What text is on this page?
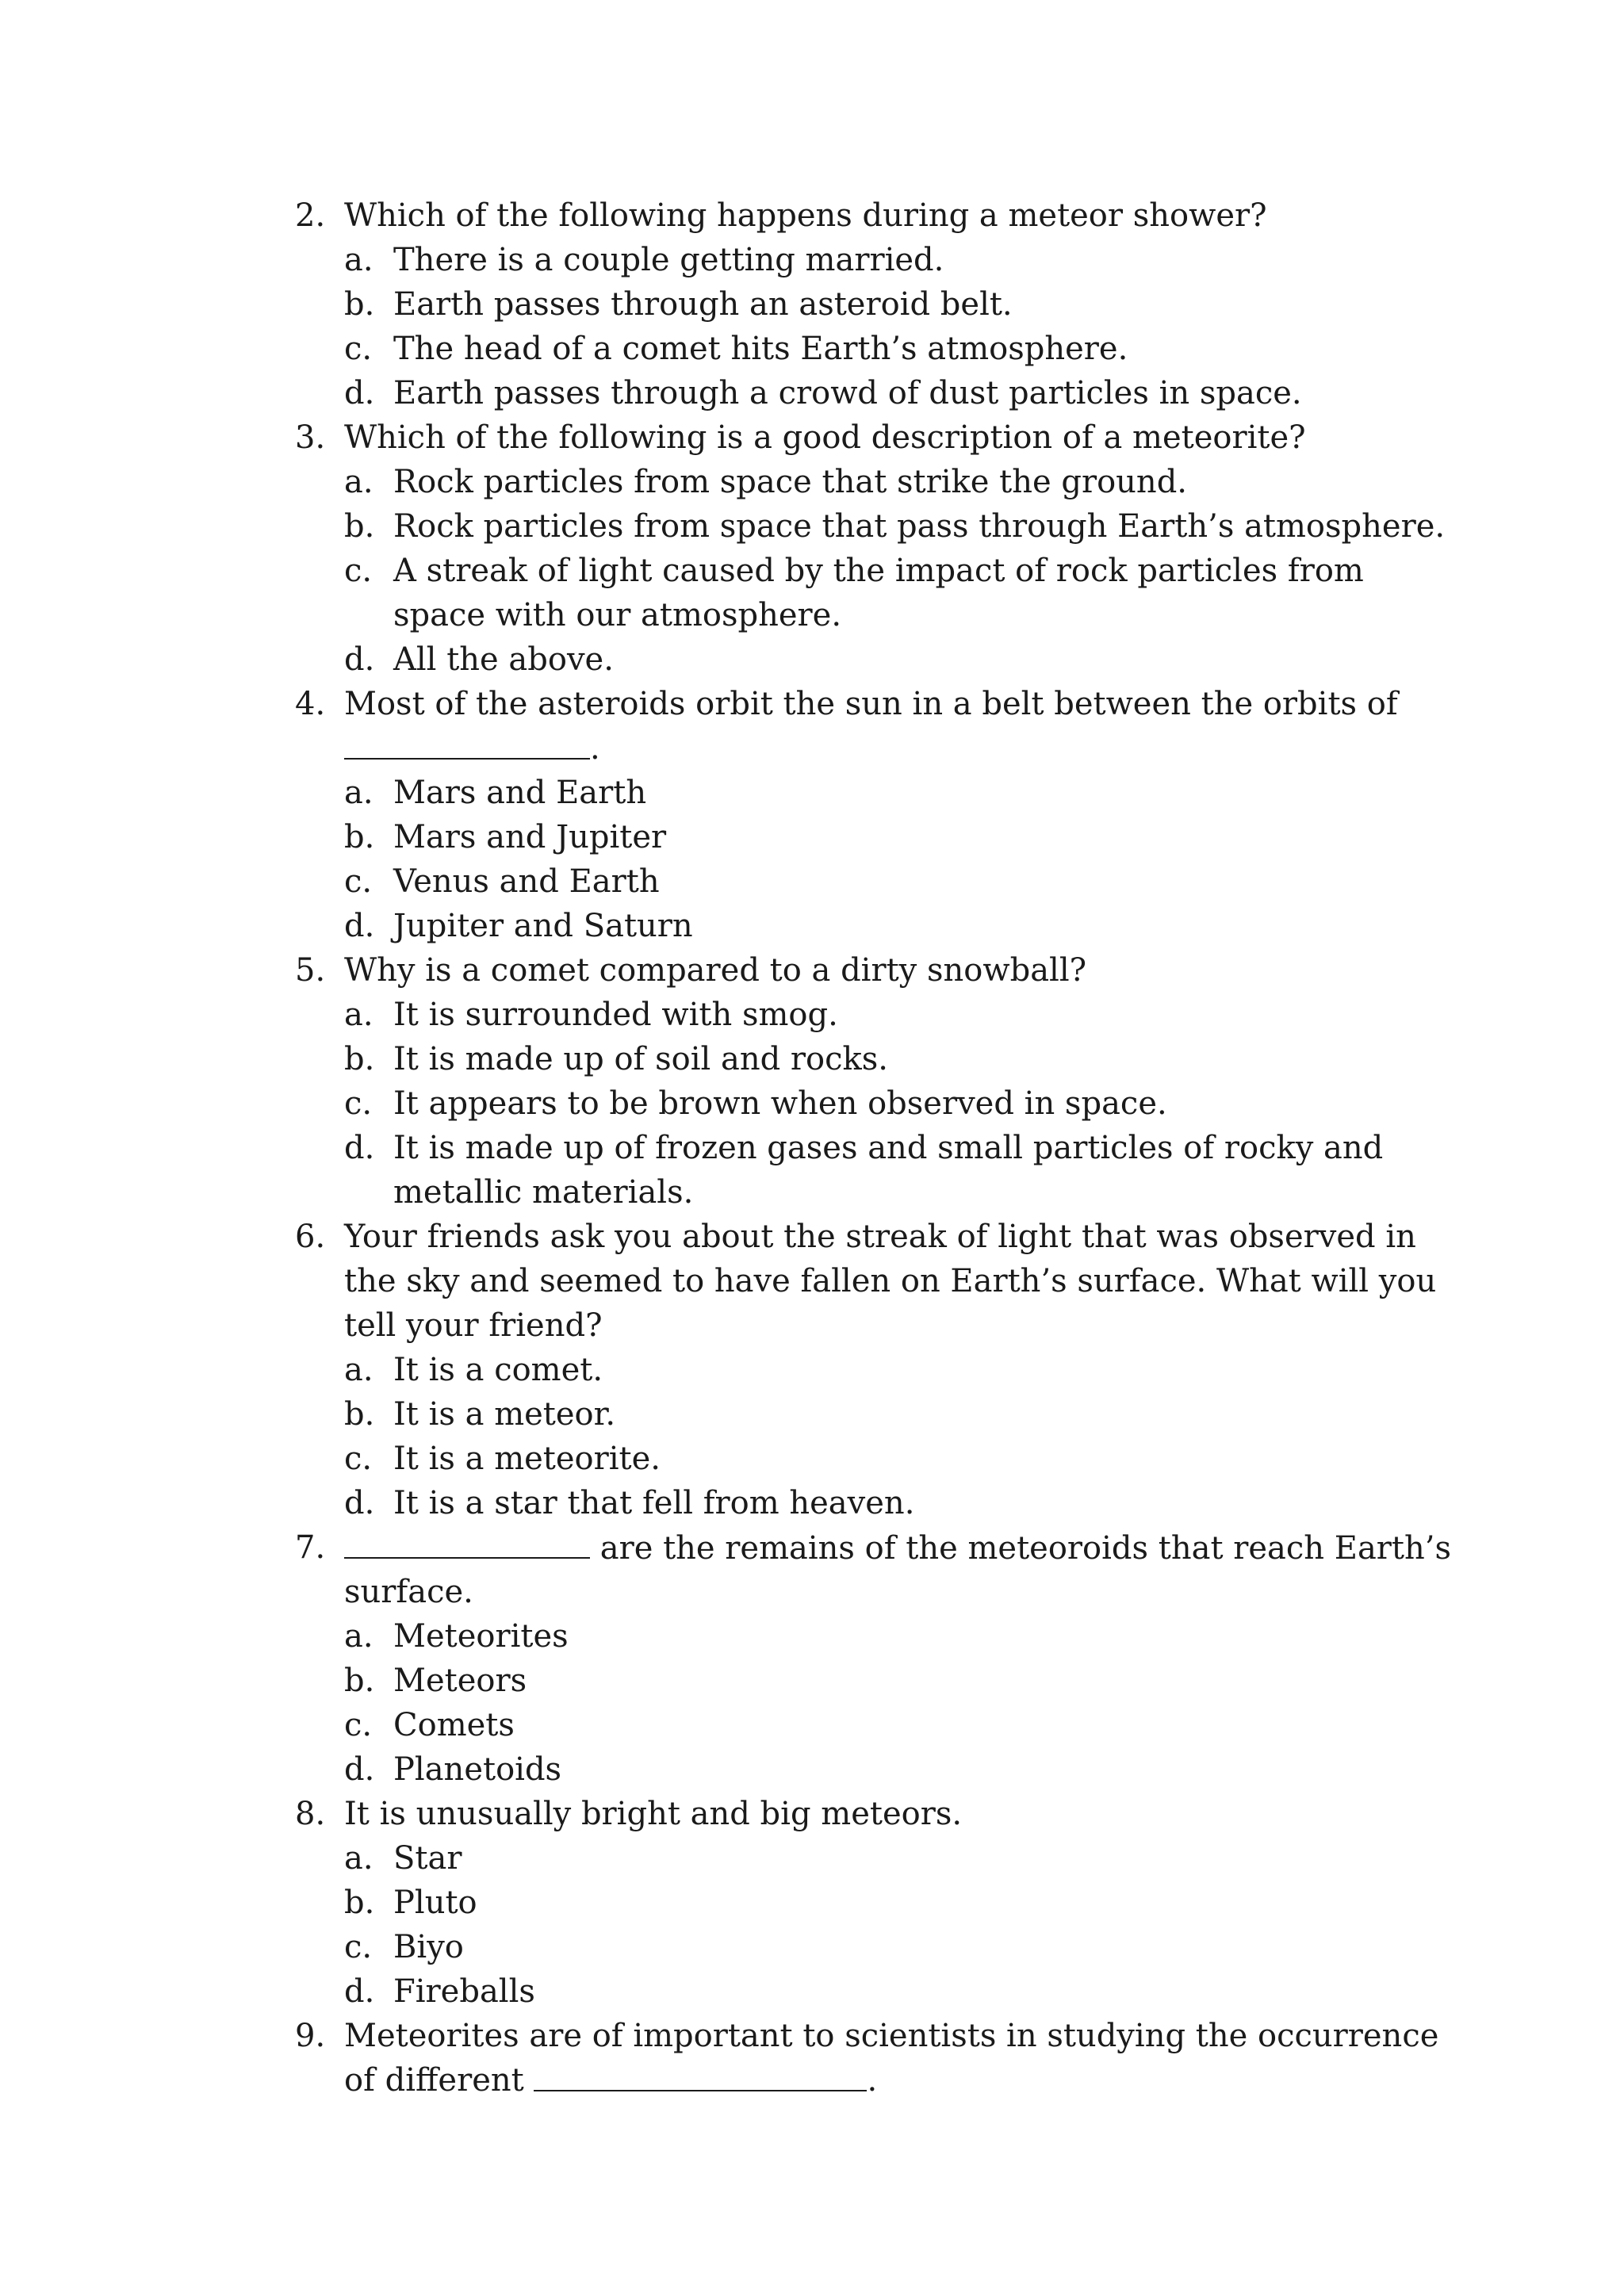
2. Which of the following happens during a meteor shower?
a. There is a couple getting married.
b. Earth passes through an asteroid belt.
c. The head of a comet hits Earth’s atmosphere.
d. Earth passes through a crowd of dust particles in space.
3. Which of the following is a good description of a meteorite?
a. Rock particles from space that strike the ground.
b. Rock particles from space that pass through Earth’s atmosphere.
c. A streak of light caused by the impact of rock particles from
space with our atmosphere.
d. All the above.
4. Most of the asteroids orbit the sun in a belt between the orbits of
.
a. Mars and Earth
b. Mars and Jupiter
c. Venus and Earth
d. Jupiter and Saturn
5. Why is a comet compared to a dirty snowball?
a. It is surrounded with smog.
b. It is made up of soil and rocks.
c. It appears to be brown when observed in space.
d. It is made up of frozen gases and small particles of rocky and
metallic materials.
6. Your friends ask you about the streak of light that was observed in
the sky and seemed to have fallen on Earth’s surface. What will you
tell your friend?
a. It is a comet.
b. It is a meteor.
c. It is a meteorite.
d. It is a star that fell from heaven.
7.	are the remains of the meteoroids that reach Earth’s
surface.
a. Meteorites
b. Meteors
c. Comets
d. Planetoids
8. It is unusually bright and big meteors.
a. Star
b. Pluto
c. Biyo
d. Fireballs
9. Meteorites are of important to scientists in studying the occurrence
of different
	.
